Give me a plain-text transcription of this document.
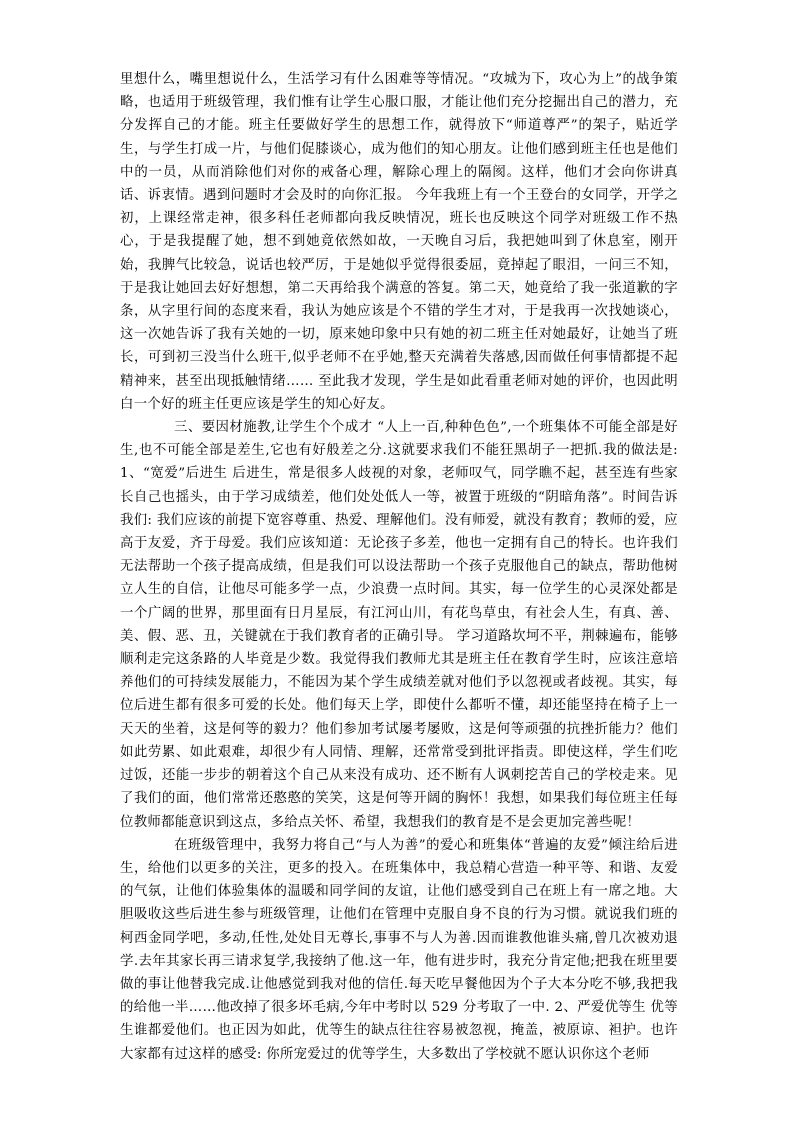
里想什么，嘴里想说什么，生活学习有什么困难等等情况。“攻城为下，攻心为上”的战争策略，也适用于班级管理，我们惟有让学生心服口服，才能让他们充分挖掘出自己的潜力，充分发挥自己的才能。班主任要做好学生的思想工作，就得放下“师道尊严”的架子，贴近学生，与学生打成一片，与他们促膝谈心，成为他们的知心朋友。让他们感到班主任也是他们中的一员，从而消除他们对你的戒备心理，解除心理上的隔阂。这样，他们才会向你讲真话、诉衷情。遇到问题时才会及时的向你汇报。 今年我班上有一个王登台的女同学，开学之初，上课经常走神，很多科任老师都向我反映情况，班长也反映这个同学对班级工作不热心，于是我提醒了她，想不到她竟依然如故，一天晚自习后，我把她叫到了休息室，刚开始，我脾气比较急，说话也较严厉，于是她似乎觉得很委屈，竟掉起了眼泪，一问三不知，于是我让她回去好好想想，第二天再给我个满意的答复。第二天，她竟给了我一张道歉的字条，从字里行间的态度来看，我认为她应该是个不错的学生才对，于是我再一次找她谈心，这一次她告诉了我有关她的一切，原来她印象中只有她的初二班主任对她最好，让她当了班长，可到初三没当什么班干,似乎老师不在乎她,整天充满着失落感,因而做任何事情都提不起精神来，甚至出现抵触情绪…… 至此我才发现，学生是如此看重老师对她的评价，也因此明白一个好的班主任更应该是学生的知心好友。

三、要因材施教,让学生个个成才 “人上一百,种种色色”,一个班集体不可能全部是好生,也不可能全部是差生,它也有好般差之分.这就要求我们不能狂黑胡子一把抓.我的做法是: 1、“宽爱”后进生 后进生，常是很多人歧视的对象，老师叹气，同学瞧不起，甚至连有些家长自己也摇头，由于学习成绩差，他们处处低人一等，被置于班级的“阴暗角落”。时间告诉我们: 我们应该的前提下宽容尊重、热爱、理解他们。没有师爱，就没有教育；教师的爱，应高于友爱，齐于母爱。我们应该知道：无论孩子多差，他也一定拥有自己的特长。也许我们无法帮助一个孩子提高成绩，但是我们可以设法帮助一个孩子克服他自己的缺点，帮助他树立人生的自信，让他尽可能多学一点，少浪费一点时间。其实，每一位学生的心灵深处都是一个广阔的世界，那里面有日月星辰，有江河山川，有花鸟草虫，有社会人生，有真、善、美、假、恶、丑，关键就在于我们教育者的正确引导。 学习道路坎坷不平，荆棘遍布，能够顺利走完这条路的人毕竟是少数。我觉得我们教师尤其是班主任在教育学生时，应该注意培养他们的可持续发展能力，不能因为某个学生成绩差就对他们予以忽视或者歧视。其实，每位后进生都有很多可爱的长处。他们每天上学，即使什么都听不懂，却还能坚持在椅子上一天天的坐着，这是何等的毅力？他们参加考试屡考屡败，这是何等顽强的抗挫折能力？他们如此劳累、如此艰难，却很少有人同情、理解，还常常受到批评指责。即使这样，学生们吃过饭，还能一步步的朝着这个自己从来没有成功、还不断有人讽刺挖苦自己的学校走来。见了我们的面，他们常常还憨憨的笑笑，这是何等开阔的胸怀！我想，如果我们每位班主任每位教师都能意识到这点，多给点关怀、希望，我想我们的教育是不是会更加完善些呢！

在班级管理中，我努力将自己“与人为善”的爱心和班集体“普遍的友爱”倾注给后进生，给他们以更多的关注，更多的投入。在班集体中，我总精心营造一种平等、和谐、友爱的气氛，让他们体验集体的温暖和同学间的友谊，让他们感受到自己在班上有一席之地。大胆吸收这些后进生参与班级管理，让他们在管理中克服自身不良的行为习惯。就说我们班的柯西金同学吧，多动,任性,处处目无尊长,事事不与人为善.因而谁教他谁头痛,曾几次被劝退学.去年其家长再三请求复学,我接纳了他.这一年，他有进步时，我充分肯定他;把我在班里要做的事让他替我完成.让他感觉到我对他的信任.每天吃早餐他因为个子大本分吃不够,我把我的给他一半……他改掉了很多坏毛病,今年中考时以 529 分考取了一中. 2、严爱优等生 优等生谁都爱他们。也正因为如此，优等生的缺点往往容易被忽视，掩盖，被原谅、袒护。也许大家都有过这样的感受: 你所宠爱过的优等学生，大多数出了学校就不愿认识你这个老师
